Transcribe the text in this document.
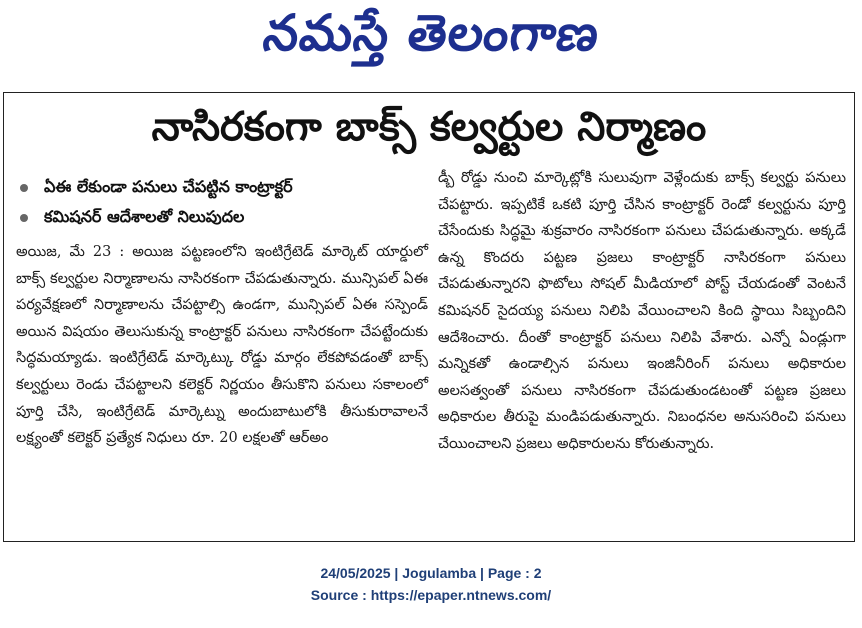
నమస్తే తెలంగాణ
నాసిరకంగా బాక్స్ కల్వర్టుల నిర్మాణం
ఏఈ లేకుండా పనులు చేపట్టిన కాంట్రాక్టర్
కమిషనర్ ఆదేశాలతో నిలుపుదల

అయిజ, మే 23 : అయిజ పట్టణంలోని ఇంటిగ్రేటెడ్ మార్కెట్ యార్డులో బాక్స్ కల్వర్టుల నిర్మాణాలను నాసిరకంగా చేపడుతున్నారు. మున్సిపల్ ఏఈ పర్యవేక్షణలో నిర్మాణాలను చేపట్టాల్సి ఉండగా, మున్సిపల్ ఏఈ సస్పెండ్ అయిన విషయం తెలుసుకున్న కాంట్రాక్టర్ పనులు నాసిరకంగా చేపట్టేందుకు సిద్ధమయ్యాడు. ఇంటిగ్రేటెడ్ మార్కెట్కు రోడ్డు మార్గం లేకపోవడంతో బాక్స్ కల్వర్టులు రెండు చేపట్టాలని కలెక్టర్ నిర్ణయం తీసుకొని పనులు సకాలంలో పూర్తి చేసి, ఇంటిగ్రేటెడ్ మార్కెట్ను అందుబాటులోకి తీసుకురావాలనే లక్ష్యంతో కలెక్టర్ ప్రత్యేక నిధులు రూ. 20 లక్షలతో ఆర్అం

డ్బీ రోడ్డు నుంచి మార్కెట్లోకి సులువుగా వెళ్లేందుకు బాక్స్ కల్వర్టు పనులు చేపట్టారు. ఇప్పటికే ఒకటి పూర్తి చేసిన కాంట్రాక్టర్ రెండో కల్వర్టును పూర్తి చేసేందుకు సిద్ధమై శుక్రవారం నాసిరకంగా పనులు చేపడుతున్నారు. అక్కడే ఉన్న కొందరు పట్టణ ప్రజలు కాంట్రాక్టర్ నాసిరకంగా పనులు చేపడుతున్నారని ఫొటోలు సోషల్ మీడియాలో పోస్ట్ చేయడంతో వెంటనే కమిషనర్ సైదయ్య పనులు నిలిపి వేయించాలని కింది స్థాయి సిబ్బందిని ఆదేశించారు. దీంతో కాంట్రాక్టర్ పనులు నిలిపి వేశారు. ఎన్నో ఏండ్లుగా మన్నికతో ఉండాల్సిన పనులు ఇంజినీరింగ్ పనులు అధికారుల అలసత్వంతో పనులు నాసిరకంగా చేపడుతుండటంతో పట్టణ ప్రజలు అధికారుల తీరుపై మండిపడుతున్నారు. నిబంధనల అనుసరించి పనులు చేయించాలని ప్రజలు అధికారులను కోరుతున్నారు.

24/05/2025 | Jogulamba | Page : 2
Source : https://epaper.ntnews.com/
